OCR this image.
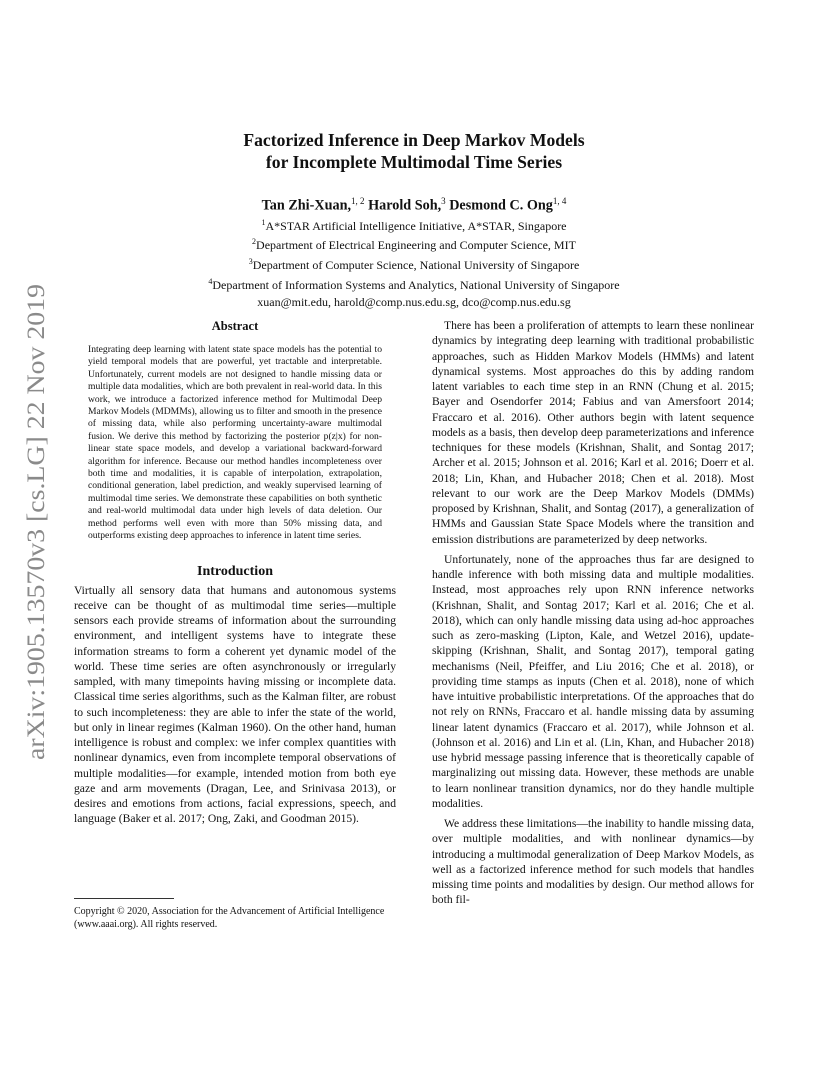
arXiv:1905.13570v3 [cs.LG] 22 Nov 2019
Factorized Inference in Deep Markov Models
for Incomplete Multimodal Time Series
Tan Zhi-Xuan,$^{1, 2}$ Harold Soh,$^3$ Desmond C. Ong$^{1, 4}$
$^1$A*STAR Artificial Intelligence Initiative, A*STAR, Singapore
$^2$Department of Electrical Engineering and Computer Science, MIT
$^3$Department of Computer Science, National University of Singapore
$^4$Department of Information Systems and Analytics, National University of Singapore
xuan@mit.edu, harold@comp.nus.edu.sg, dco@comp.nus.edu.sg
Abstract

Integrating deep learning with latent state space models has the potential to yield temporal models that are powerful, yet tractable and interpretable. Unfortunately, current models are not designed to handle missing data or multiple data modalities, which are both prevalent in real-world data. In this work, we introduce a factorized inference method for Multimodal Deep Markov Models (MDMMs), allowing us to filter and smooth in the presence of missing data, while also performing uncertainty-aware multimodal fusion. We derive this method by factorizing the posterior p(z|x) for non-linear state space models, and develop a variational backward-forward algorithm for inference. Because our method handles incompleteness over both time and modalities, it is capable of interpolation, extrapolation, conditional generation, label prediction, and weakly supervised learning of multimodal time series. We demonstrate these capabilities on both synthetic and real-world multimodal data under high levels of data deletion. Our method performs well even with more than 50% missing data, and outperforms existing deep approaches to inference in latent time series.

Introduction

Virtually all sensory data that humans and autonomous systems receive can be thought of as multimodal time series—multiple sensors each provide streams of information about the surrounding environment, and intelligent systems have to integrate these information streams to form a coherent yet dynamic model of the world. These time series are often asynchronously or irregularly sampled, with many timepoints having missing or incomplete data. Classical time series algorithms, such as the Kalman filter, are robust to such incompleteness: they are able to infer the state of the world, but only in linear regimes (Kalman 1960). On the other hand, human intelligence is robust and complex: we infer complex quantities with nonlinear dynamics, even from incomplete temporal observations of multiple modalities—for example, intended motion from both eye gaze and arm movements (Dragan, Lee, and Srinivasa 2013), or desires and emotions from actions, facial expressions, speech, and language (Baker et al. 2017; Ong, Zaki, and Goodman 2015).

There has been a proliferation of attempts to learn these nonlinear dynamics by integrating deep learning with traditional probabilistic approaches, such as Hidden Markov Models (HMMs) and latent dynamical systems. Most approaches do this by adding random latent variables to each time step in an RNN (Chung et al. 2015; Bayer and Osendorfer 2014; Fabius and van Amersfoort 2014; Fraccaro et al. 2016). Other authors begin with latent sequence models as a basis, then develop deep parameterizations and inference techniques for these models (Krishnan, Shalit, and Sontag 2017; Archer et al. 2015; Johnson et al. 2016; Karl et al. 2016; Doerr et al. 2018; Lin, Khan, and Hubacher 2018; Chen et al. 2018). Most relevant to our work are the Deep Markov Models (DMMs) proposed by Krishnan, Shalit, and Sontag (2017), a generalization of HMMs and Gaussian State Space Models where the transition and emission distributions are parameterized by deep networks.

Unfortunately, none of the approaches thus far are designed to handle inference with both missing data and multiple modalities. Instead, most approaches rely upon RNN inference networks (Krishnan, Shalit, and Sontag 2017; Karl et al. 2016; Che et al. 2018), which can only handle missing data using ad-hoc approaches such as zero-masking (Lipton, Kale, and Wetzel 2016), update-skipping (Krishnan, Shalit, and Sontag 2017), temporal gating mechanisms (Neil, Pfeiffer, and Liu 2016; Che et al. 2018), or providing time stamps as inputs (Chen et al. 2018), none of which have intuitive probabilistic interpretations. Of the approaches that do not rely on RNNs, Fraccaro et al. handle missing data by assuming linear latent dynamics (Fraccaro et al. 2017), while Johnson et al. (Johnson et al. 2016) and Lin et al. (Lin, Khan, and Hubacher 2018) use hybrid message passing inference that is theoretically capable of marginalizing out missing data. However, these methods are unable to learn nonlinear transition dynamics, nor do they handle multiple modalities.

We address these limitations—the inability to handle missing data, over multiple modalities, and with nonlinear dynamics—by introducing a multimodal generalization of Deep Markov Models, as well as a factorized inference method for such models that handles missing time points and modalities by design. Our method allows for both fil-

Copyright © 2020, Association for the Advancement of Artificial Intelligence (www.aaai.org). All rights reserved.
